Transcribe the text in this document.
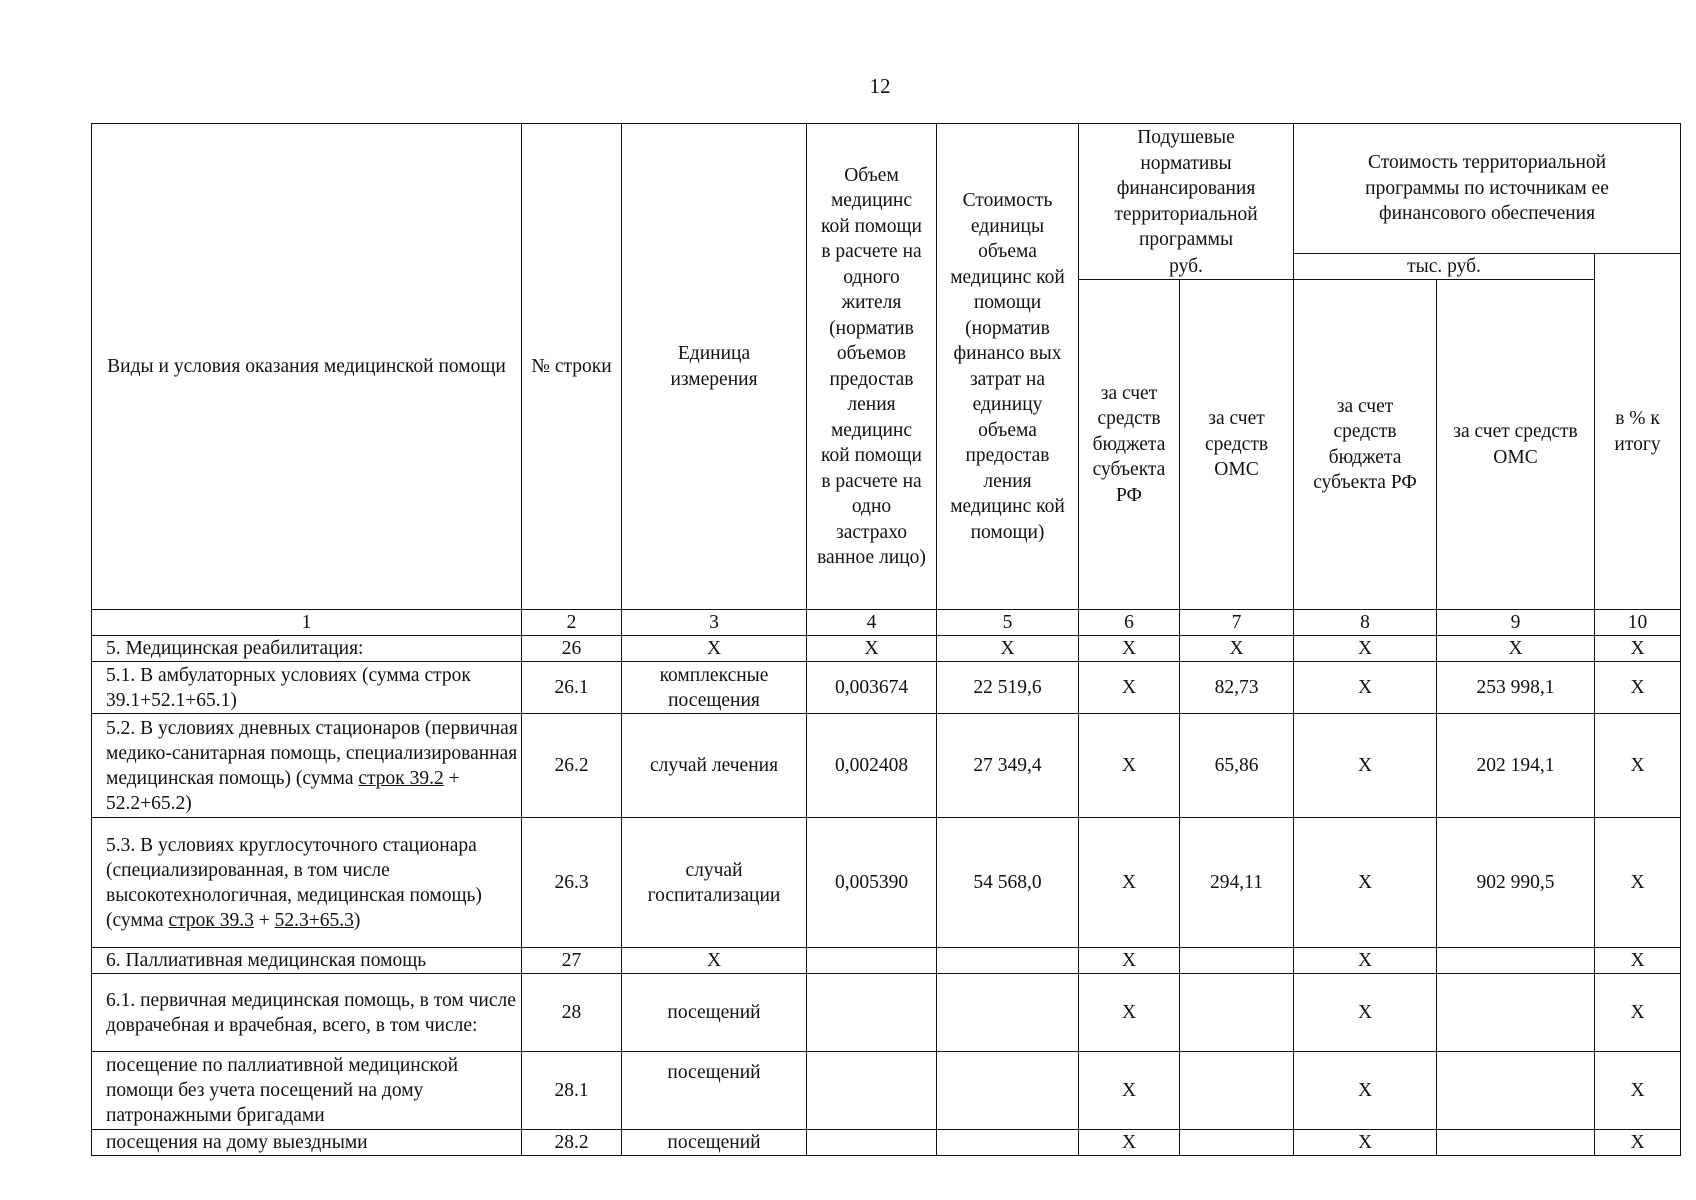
12
Виды и условия оказания медицинской помощи	№ строки	Единица измерения	Объем медицинс кой помощи в расчете на одного жителя (норматив объемов предостав ления медицинс кой помощи в расчете на одно застрахо ванное лицо)	Стоимость единицы объема медицинс кой помощи (норматив финансо вых затрат на единицу объема предостав ления медицинс кой помощи)	Подушевые нормативы финансирования территориальной программы		Стоимость территориальной программы по источникам ее финансового обеспечения		
					руб.		тыс. руб.		в % к итогу
					за счет средств бюджета субъекта РФ	за счет средств ОМС	за счет средств бюджета субъекта РФ	за счет средств ОМС	
1	2	3	4	5	6	7	8	9	10
5. Медицинская реабилитация:	26	X	X	X	X	X	X	X	X
5.1. В амбулаторных условиях (сумма строк 39.1+52.1+65.1)	26.1	комплексные посещения	0,003674	22 519,6	X	82,73	X	253 998,1	X
5.2. В условиях дневных стационаров (первичная медико-санитарная помощь, специализированная медицинская помощь) (сумма строк 39.2 + 52.2+65.2)	26.2	случай лечения	0,002408	27 349,4	X	65,86	X	202 194,1	X
5.3. В условиях круглосуточного стационара (специализированная, в том числе высокотехнологичная, медицинская помощь)
(сумма строк 39.3 + 52.3+65.3)	26.3	случай госпитализации	0,005390	54 568,0	X	294,11	X	902 990,5	X
6. Паллиативная медицинская помощь	27	X			X		X		X
6.1. первичная медицинская помощь, в том числе доврачебная и врачебная, всего, в том числе:	28	посещений			X		X		X
посещение по паллиативной медицинской помощи без учета посещений на дому патронажными бригадами	28.1	посещений			X		X		X
посещения на дому выездными	28.2	посещений			X		X		X
